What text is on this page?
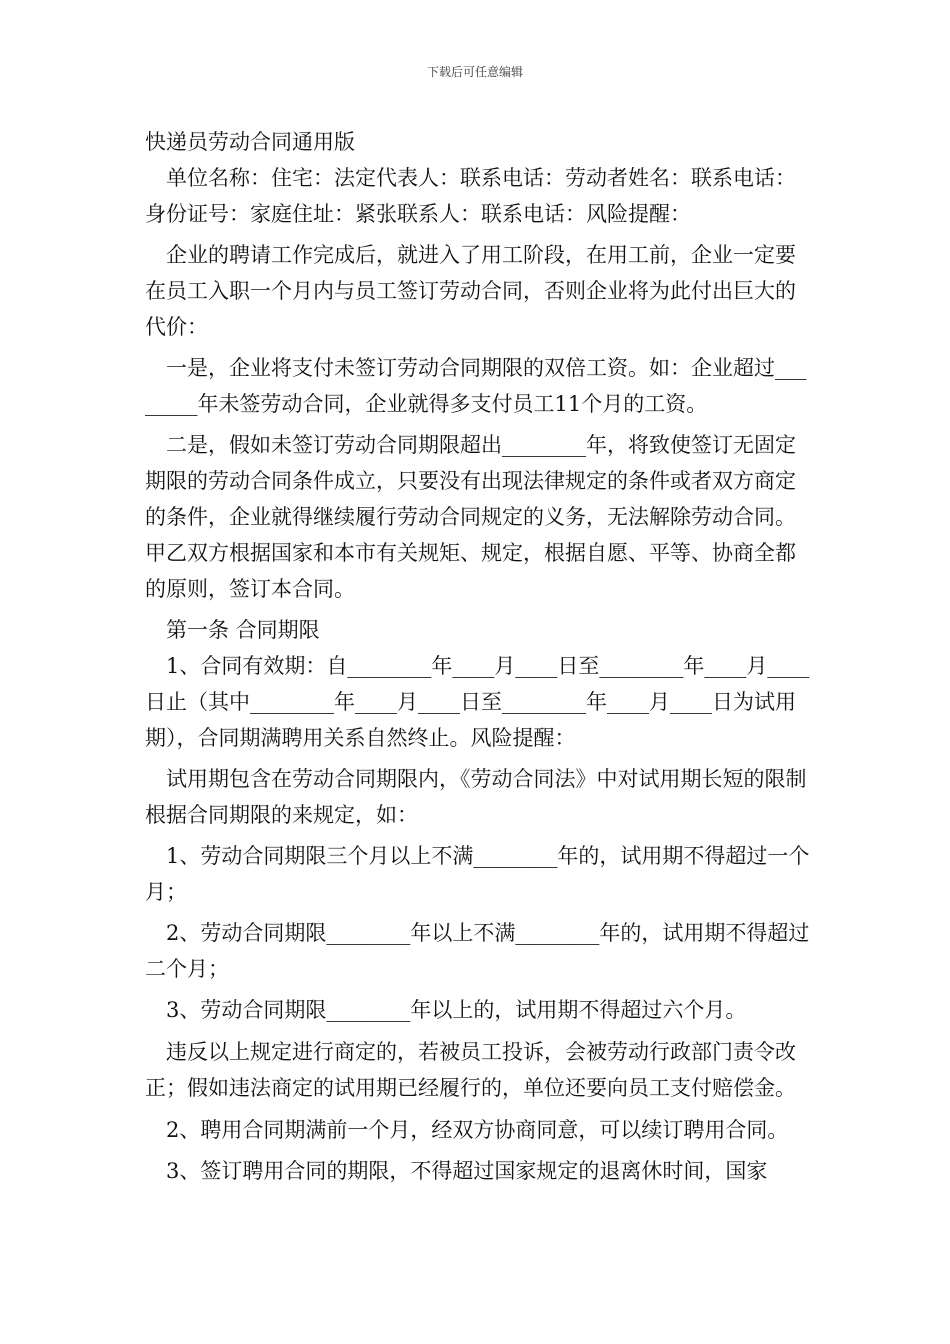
下载后可任意编辑

快递员劳动合同通用版

单位名称：住宅：法定代表人：联系电话：劳动者姓名：联系电话：身份证号：家庭住址：紧张联系人：联系电话：风险提醒：

企业的聘请工作完成后，就进入了用工阶段，在用工前，企业一定要在员工入职一个月内与员工签订劳动合同，否则企业将为此付出巨大的代价：

一是，企业将支付未签订劳动合同期限的双倍工资。如：企业超过________年未签劳动合同，企业就得多支付员工11个月的工资。

二是，假如未签订劳动合同期限超出________年，将致使签订无固定期限的劳动合同条件成立，只要没有出现法律规定的条件或者双方商定的条件，企业就得继续履行劳动合同规定的义务，无法解除劳动合同。甲乙双方根据国家和本市有关规矩、规定，根据自愿、平等、协商全都的原则，签订本合同。

第一条 合同期限

1、合同有效期：自________年____月____日至________年____月____日止（其中________年____月____日至________年____月____日为试用期），合同期满聘用关系自然终止。风险提醒：

试用期包含在劳动合同期限内，《劳动合同法》中对试用期长短的限制根据合同期限的来规定，如：

1、劳动合同期限三个月以上不满________年的，试用期不得超过一个月；

2、劳动合同期限________年以上不满________年的，试用期不得超过二个月；

3、劳动合同期限________年以上的，试用期不得超过六个月。

违反以上规定进行商定的，若被员工投诉，会被劳动行政部门责令改正；假如违法商定的试用期已经履行的，单位还要向员工支付赔偿金。

2、聘用合同期满前一个月，经双方协商同意，可以续订聘用合同。

3、签订聘用合同的期限，不得超过国家规定的退离休时间，国家
